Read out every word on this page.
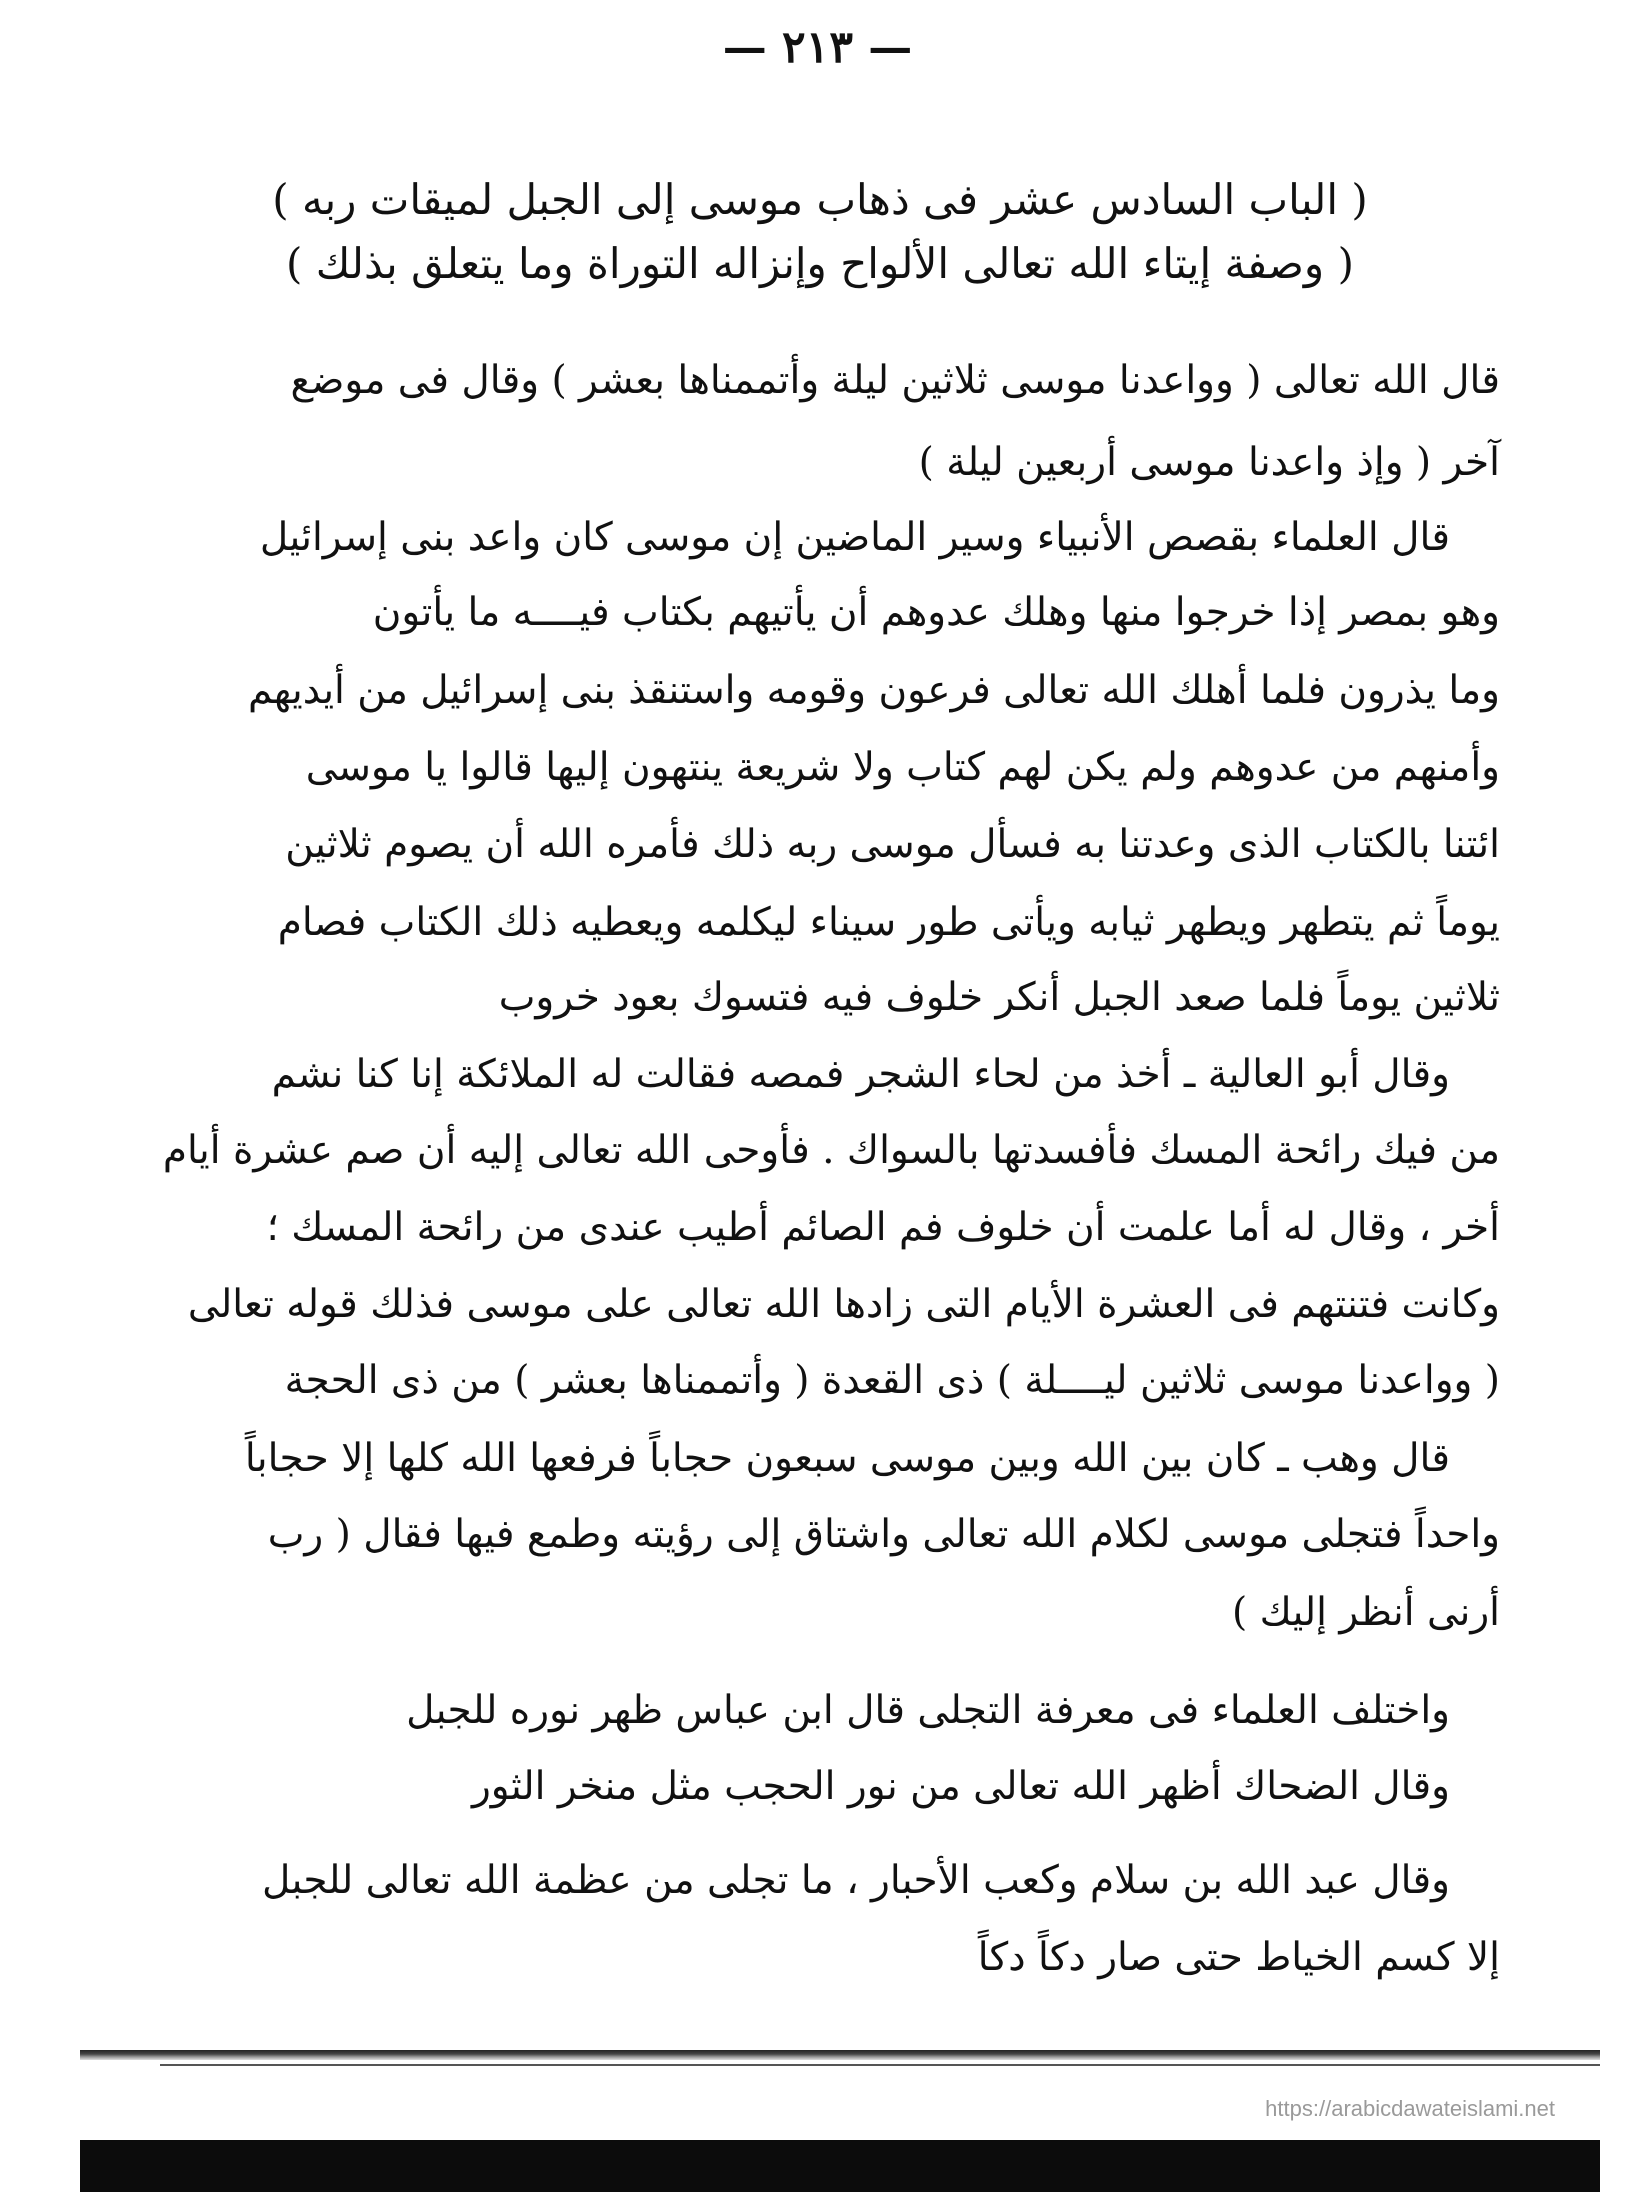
— ٢١٣ —
( الباب السادس عشر فى ذهاب موسى إلى الجبل لميقات ربه )
( وصفة إيتاء الله تعالى الألواح وإنزاله التوراة وما يتعلق بذلك )
قال الله تعالى ( وواعدنا موسى ثلاثين ليلة وأتممناها بعشر ) وقال فى موضع
آخر ( وإذ واعدنا موسى أربعين ليلة )
قال العلماء بقصص الأنبياء وسير الماضين إن موسى كان واعد بنى إسرائيل
وهو بمصر إذا خرجوا منها وهلك عدوهم أن يأتيهم بكتاب فيــــه ما يأتون
وما يذرون فلما أهلك الله تعالى فرعون وقومه واستنقذ بنى إسرائيل من أيديهم
وأمنهم من عدوهم ولم يكن لهم كتاب ولا شريعة ينتهون إليها قالوا يا موسى
ائتنا بالكتاب الذى وعدتنا به فسأل موسى ربه ذلك فأمره الله أن يصوم ثلاثين
يوماً ثم يتطهر ويطهر ثيابه ويأتى طور سيناء ليكلمه ويعطيه ذلك الكتاب فصام
ثلاثين يوماً فلما صعد الجبل أنكر خلوف فيه فتسوك بعود خروب
وقال أبو العالية ـ أخذ من لحاء الشجر فمصه فقالت له الملائكة إنا كنا نشم
من فيك رائحة المسك فأفسدتها بالسواك . فأوحى الله تعالى إليه أن صم عشرة أيام
أخر ، وقال له أما علمت أن خلوف فم الصائم أطيب عندى من رائحة المسك ؛
وكانت فتنتهم فى العشرة الأيام التى زادها الله تعالى على موسى فذلك قوله تعالى
( وواعدنا موسى ثلاثين ليــــلة ) ذى القعدة ( وأتممناها بعشر ) من ذى الحجة
قال وهب ـ كان بين الله وبين موسى سبعون حجاباً فرفعها الله كلها إلا حجاباً
واحداً فتجلى موسى لكلام الله تعالى واشتاق إلى رؤيته وطمع فيها فقال ( رب
أرنى أنظر إليك )
واختلف العلماء فى معرفة التجلى قال ابن عباس ظهر نوره للجبل
وقال الضحاك أظهر الله تعالى من نور الحجب مثل منخر الثور
وقال عبد الله بن سلام وكعب الأحبار ، ما تجلى من عظمة الله تعالى للجبل
إلا كسم الخياط حتى صار دكاً دكاً
https://arabicdawateislami.net
